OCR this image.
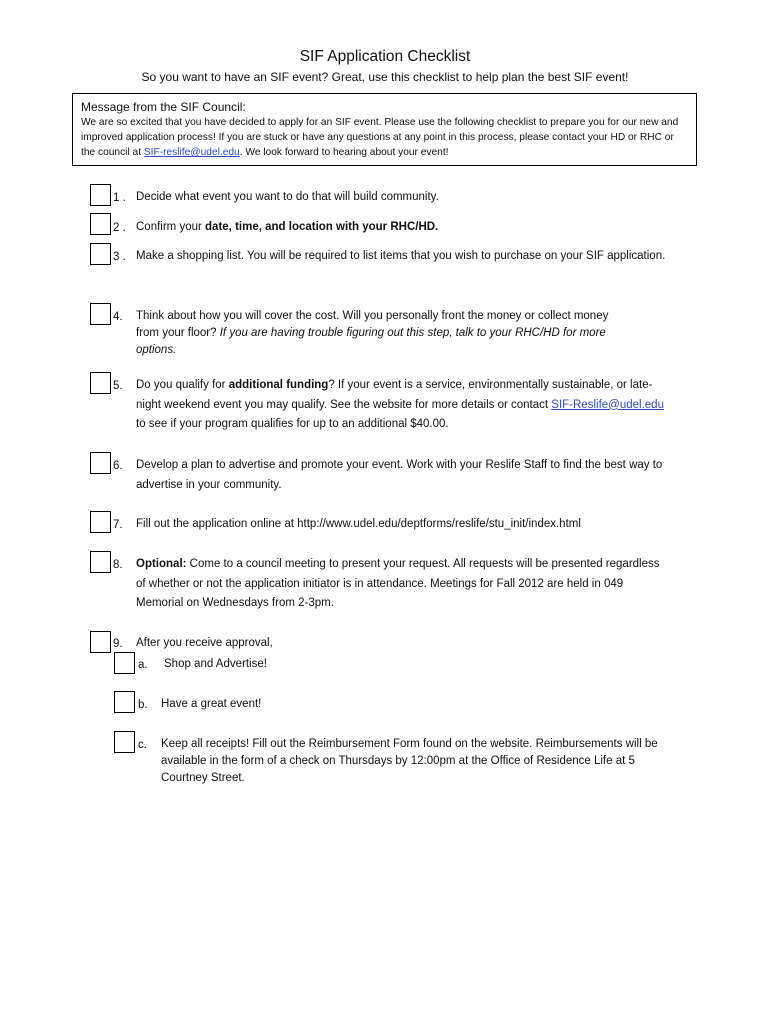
SIF Application Checklist
So you want to have an SIF event? Great, use this checklist to help plan the best SIF event!
Message from the SIF Council:
We are so excited that you have decided to apply for an SIF event. Please use the following checklist to prepare you for our new and improved application process! If you are stuck or have any questions at any point in this process, please contact your HD or RHC or the council at SIF-reslife@udel.edu. We look forward to hearing about your event!
1 . Decide what event you want to do that will build community.
2 . Confirm your date, time, and location with your RHC/HD.
3 . Make a shopping list. You will be required to list items that you wish to purchase on your SIF application.
4. Think about how you will cover the cost. Will you personally front the money or collect money from your floor? If you are having trouble figuring out this step, talk to your RHC/HD for more options.
5. Do you qualify for additional funding? If your event is a service, environmentally sustainable, or late-night weekend event you may qualify. See the website for more details or contact SIF-Reslife@udel.edu to see if your program qualifies for up to an additional $40.00.
6. Develop a plan to advertise and promote your event. Work with your Reslife Staff to find the best way to advertise in your community.
7. Fill out the application online at http://www.udel.edu/deptforms/reslife/stu_init/index.html
8. Optional: Come to a council meeting to present your request. All requests will be presented regardless of whether or not the application initiator is in attendance. Meetings for Fall 2012 are held in 049 Memorial on Wednesdays from 2-3pm.
9. After you receive approval,
a. Shop and Advertise!
b. Have a great event!
c. Keep all receipts! Fill out the Reimbursement Form found on the website. Reimbursements will be available in the form of a check on Thursdays by 12:00pm at the Office of Residence Life at 5 Courtney Street.
